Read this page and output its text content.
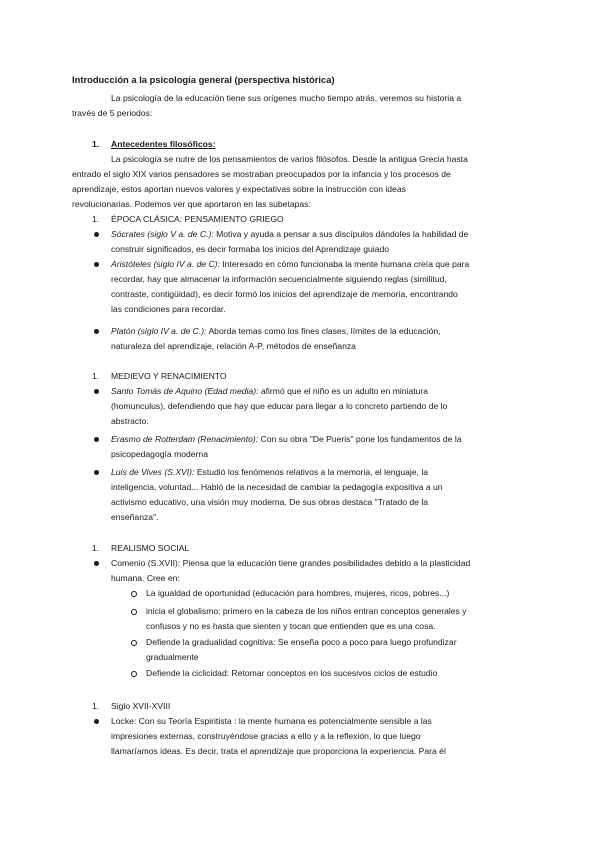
Introducción a la psicología general (perspectiva histórica)
La psicología de la educación tiene sus orígenes mucho tiempo atrás, veremos su historia a
través de 5 periodos:
1. Antecedentes filosóficos:
La psicología se nutre de los pensamientos de varios filósofos. Desde la antigua Grecia hasta
entrado el siglo XIX varios pensadores se mostraban preocupados por la infancia y los procesos de
aprendizaje, estos aportan nuevos valores y expectativas sobre la instrucción con ideas
revolucionarias. Podemos ver que aportaron en las subetapas:
1. ÉPOCA CLÁSICA: PENSAMIENTO GRIEGO
Sócrates (siglo V a. de C.): Motiva y ayuda a pensar a sus discípulos dándoles la habilidad de
construir significados, es decir formaba los inicios del Aprendizaje guiado
Aristóteles (siglo IV a. de C): Interesado en cómo funcionaba la mente humana creía que para
recordar, hay que almacenar la información secuencialmente siguiendo reglas (similitud,
contraste, contigüidad), es decir formó los inicios del aprendizaje de memoria, encontrando
las condiciones para recordar.
Platón (siglo IV a. de C.): Aborda temas como los fines clases, límites de la educación,
naturaleza del aprendizaje, relación A-P, métodos de enseñanza
1. MEDIEVO Y RENACIMIENTO
Santo Tomás de Aquino (Edad media): afirmó que el niño es un adulto en miniatura
(homunculus), defendiendo que hay que educar para llegar a lo concreto partiendo de lo
abstracto.
Erasmo de Rotterdam (Renacimiento): Con su obra "De Pueris" pone los fundamentos de la
psicopedagogía moderna
Luis de Vives (S.XVI): Estudió los fenómenos relativos a la memoria, el lenguaje, la
inteligencia, voluntad... Habló de la necesidad de cambiar la pedagogía expositiva a un
activismo educativo, una visión muy moderna. De sus obras destaca "Tratado de la
enseñanza".
1. REALISMO SOCIAL
Comenio (S.XVII): Piensa que la educación tiene grandes posibilidades debido a la plasticidad
humana. Cree en:
La igualdad de oportunidad (educación para hombres, mujeres, ricos, pobres...)
inicia el globalismo: primero en la cabeza de los niños entran conceptos generales y
confusos y no es hasta que sienten y tocan que entienden que es una cosa.
Defiende la gradualidad cognitiva: Se enseña poco a poco para luego profundizar
gradualmente
Defiende la ciclicidad: Retomar conceptos en los sucesivos ciclos de estudio
1. Siglo XVII-XVIII
Locke: Con su Teoría Espiritista : la mente humana es potencialmente sensible a las
impresiones externas, construyéndose gracias a ello y a la reflexión, lo que luego
llamaríamos ideas. Es decir, trata el aprendizaje que proporciona la experiencia. Para él
